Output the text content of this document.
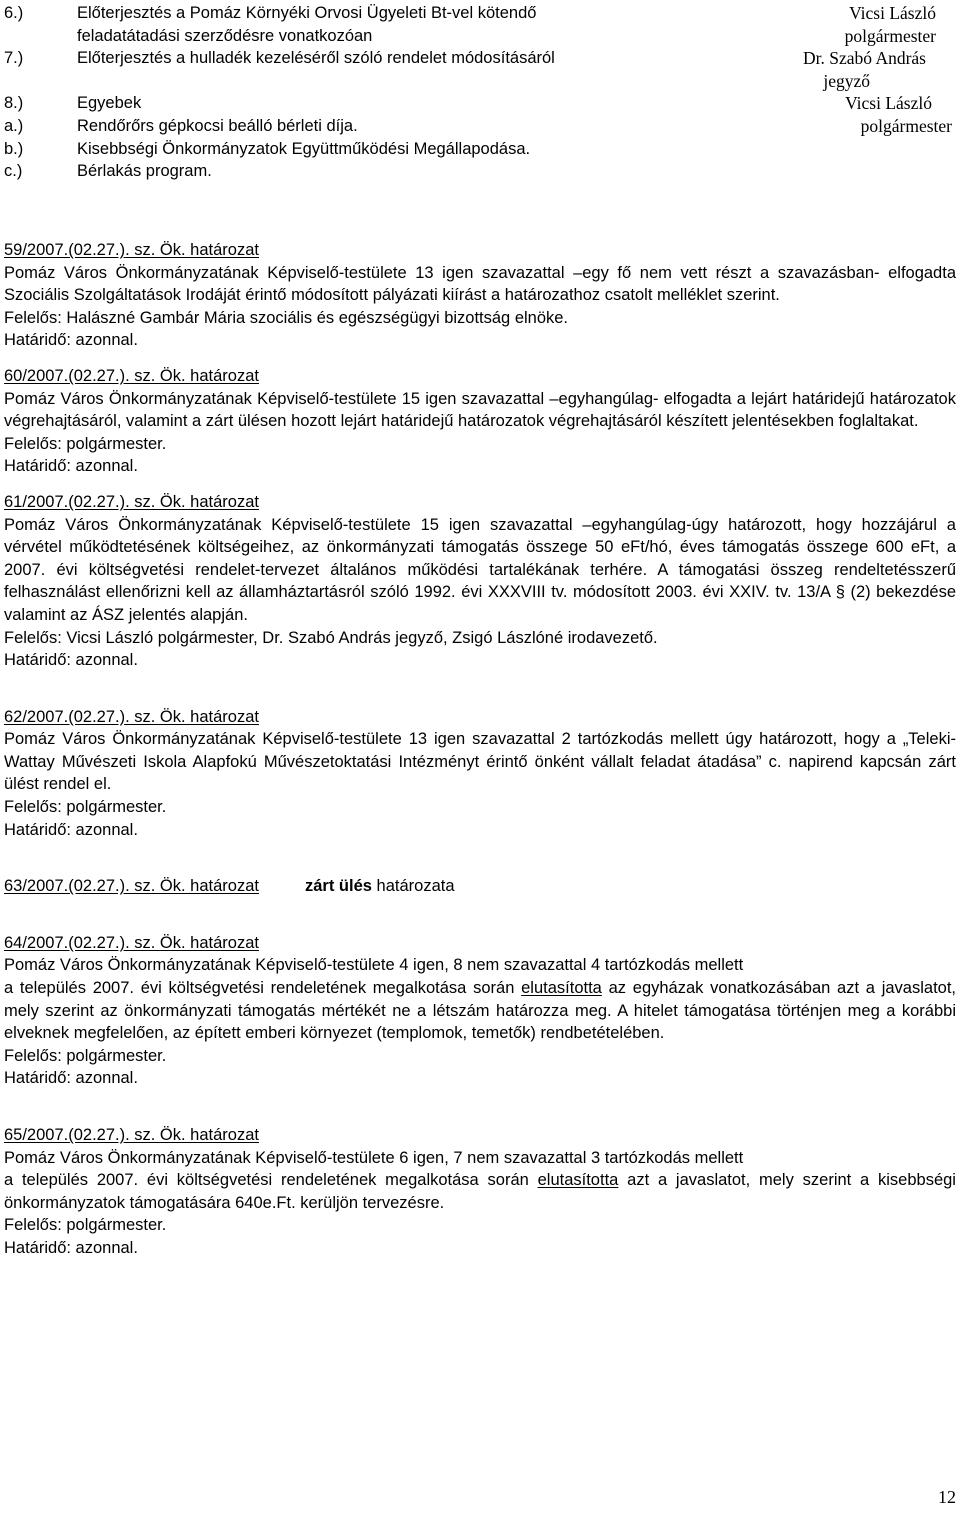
6.)	Előterjesztés a Pomáz Környéki Orvosi Ügyeleti Bt-vel kötendő	Vicsi László
feladatátadási szerződésre vonatkozóan	polgármester
7.)	Előterjesztés a hulladék kezeléséről szóló rendelet módosításáról	Dr. Szabó András
jegyző
8.)	Egyebek	Vicsi László
a.)	Rendőrőrs gépkocsi beálló bérleti díja.	polgármester
b.)	Kisebbségi Önkormányzatok Együttműködési Megállapodása.
c.)	Bérlakás program.
59/2007.(02.27.). sz. Ök. határozat

Pomáz Város Önkormányzatának Képviselő-testülete 13 igen szavazattal –egy fő nem vett részt a szavazásban- elfogadta Szociális Szolgáltatások Irodáját érintő módosított pályázati kiírást a határozathoz csatolt melléklet szerint.

Felelős: Halászné Gambár Mária szociális és egészségügyi bizottság elnöke.

Határidő: azonnal.

60/2007.(02.27.). sz. Ök. határozat

Pomáz Város Önkormányzatának Képviselő-testülete 15 igen szavazattal –egyhangúlag- elfogadta a lejárt határidejű határozatok végrehajtásáról, valamint a zárt ülésen hozott lejárt határidejű határozatok végrehajtásáról készített jelentésekben foglaltakat.

Felelős: polgármester.

Határidő: azonnal.

61/2007.(02.27.). sz. Ök. határozat

Pomáz Város Önkormányzatának Képviselő-testülete 15 igen szavazattal –egyhangúlag-úgy határozott, hogy hozzájárul a vérvétel működtetésének költségeihez, az önkormányzati támogatás összege 50 eFt/hó, éves támogatás összege 600 eFt, a 2007. évi költségvetési rendelet-tervezet általános működési tartalékának terhére. A támogatási összeg rendeltetésszerű felhasználást ellenőrizni kell az államháztartásról szóló 1992. évi XXXVIII tv. módosított 2003. évi XXIV. tv. 13/A § (2) bekezdése valamint az ÁSZ jelentés alapján.

Felelős: Vicsi László polgármester, Dr. Szabó András jegyző, Zsigó Lászlóné irodavezető.

Határidő: azonnal.

62/2007.(02.27.). sz. Ök. határozat

Pomáz Város Önkormányzatának Képviselő-testülete 13 igen szavazattal 2 tartózkodás mellett úgy határozott, hogy a „Teleki-Wattay Művészeti Iskola Alapfokú Művészetoktatási Intézményt érintő önként vállalt feladat átadása” c. napirend kapcsán zárt ülést rendel el.

Felelős: polgármester.

Határidő: azonnal.

63/2007.(02.27.). sz. Ök. határozat	zárt ülés határozata
64/2007.(02.27.). sz. Ök. határozat

Pomáz Város Önkormányzatának Képviselő-testülete 4 igen, 8 nem szavazattal 4 tartózkodás mellett

a település 2007. évi költségvetési rendeletének megalkotása során elutasította az egyházak vonatkozásában azt a javaslatot, mely szerint az önkormányzati támogatás mértékét ne a létszám határozza meg. A hitelet támogatása történjen meg a korábbi elveknek megfelelően, az épített emberi környezet (templomok, temetők) rendbetételében.

Felelős: polgármester.

Határidő: azonnal.

65/2007.(02.27.). sz. Ök. határozat

Pomáz Város Önkormányzatának Képviselő-testülete 6 igen, 7 nem szavazattal 3 tartózkodás mellett

a település 2007. évi költségvetési rendeletének megalkotása során elutasította azt a javaslatot, mely szerint a kisebbségi önkormányzatok támogatására 640e.Ft. kerüljön tervezésre.

Felelős: polgármester.

Határidő: azonnal.

12
